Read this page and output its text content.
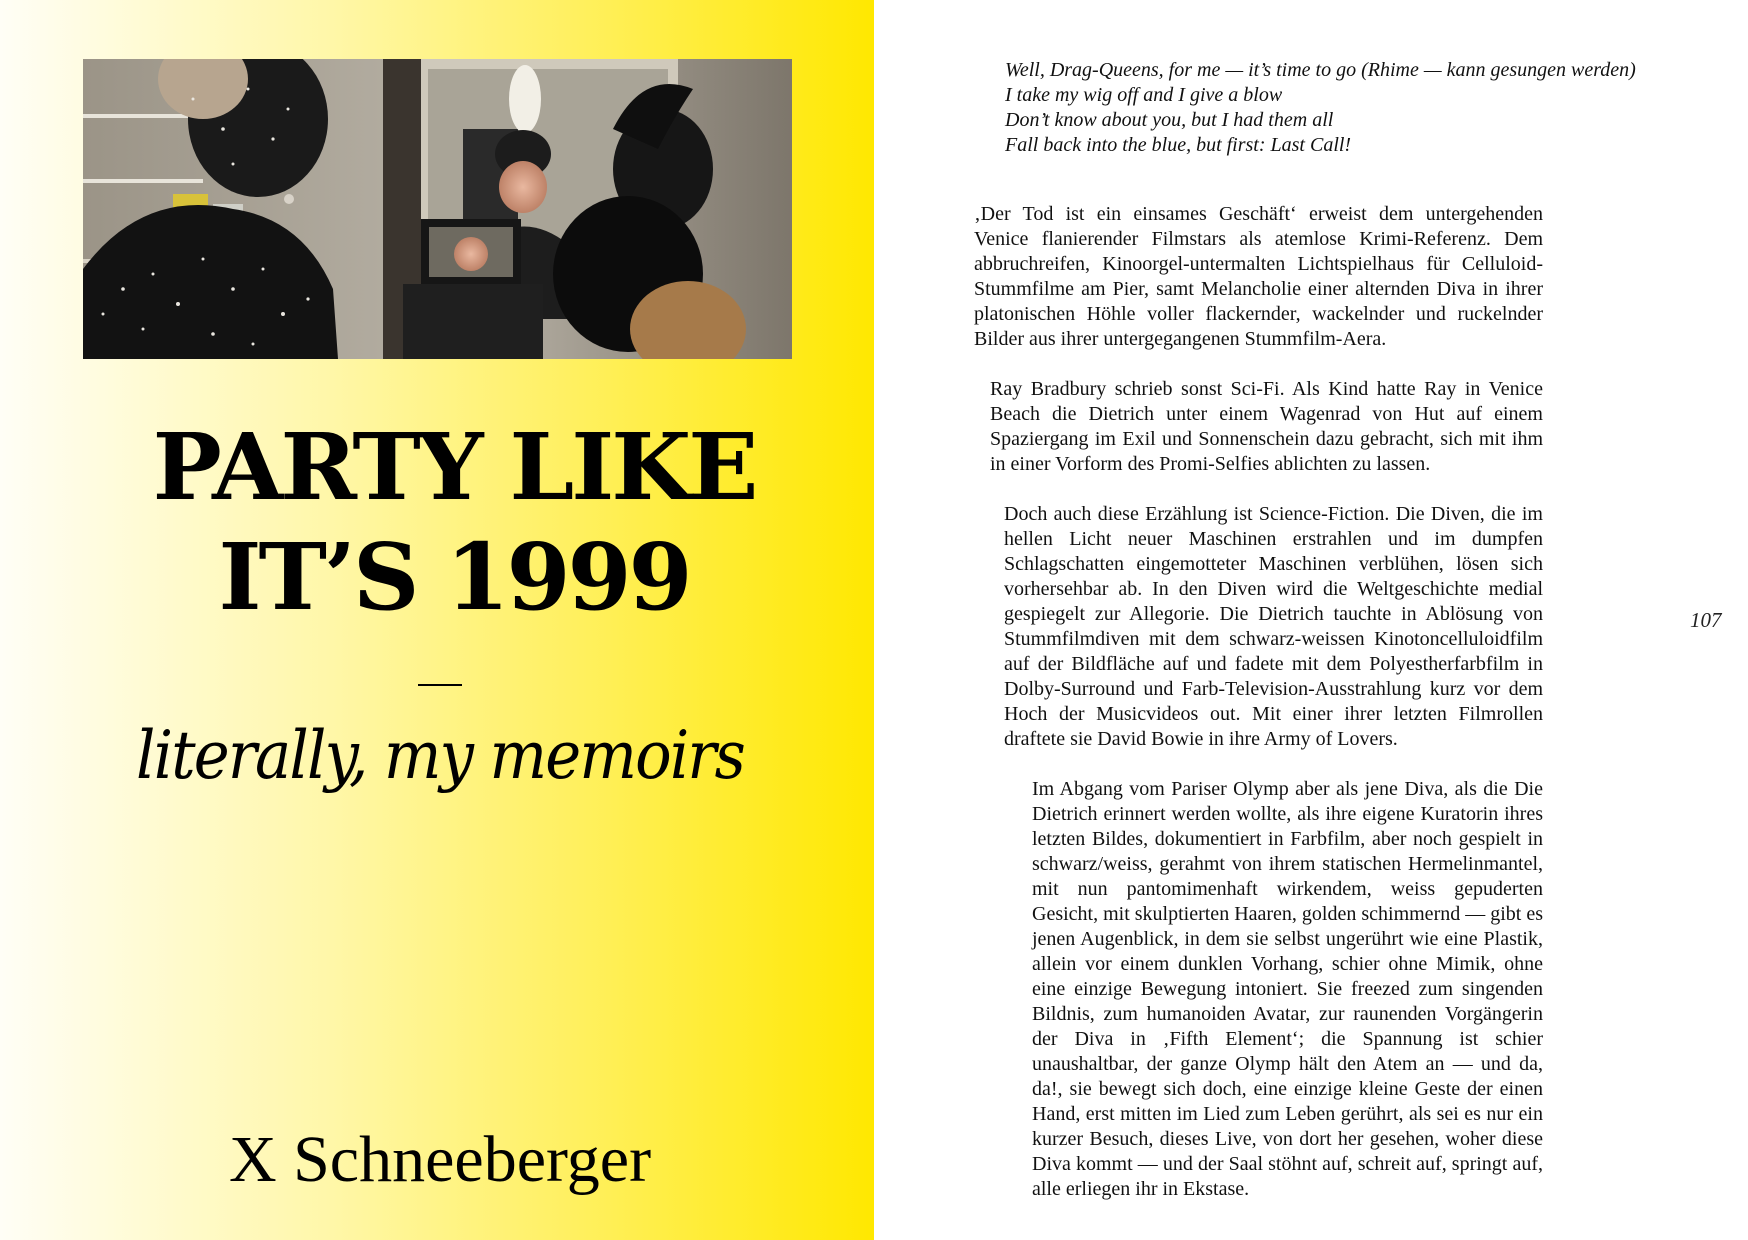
PARTY LIKE
IT’S 1999
literally, my memoirs
X Schneeberger
Well, Drag-Queens, for me — it’s time to go (Rhime — kann gesungen werden)
I take my wig off and I give a blow
Don’t know about you, but I had them all
Fall back into the blue, but first: Last Call!

‚Der Tod ist ein einsames Geschäft‘ erweist dem untergehenden Venice flanierender Filmstars als atemlose Krimi-Referenz. Dem abbruchreifen, Kinoorgel-untermalten Lichtspielhaus für Celluloid-Stummfilme am Pier, samt Melancholie einer alternden Diva in ihrer platonischen Höhle voller flackernder, wackelnder und ruckelnder Bilder aus ihrer untergegangenen Stummfilm-Aera.

Ray Bradbury schrieb sonst Sci-Fi. Als Kind hatte Ray in Venice Beach die Dietrich unter einem Wagenrad von Hut auf einem Spaziergang im Exil und Sonnenschein dazu gebracht, sich mit ihm in einer Vorform des Promi-Selfies ablichten zu lassen.

Doch auch diese Erzählung ist Science-Fiction. Die Diven, die im hellen Licht neuer Maschinen erstrahlen und im dumpfen Schlagschatten eingemotteter Maschinen verblühen, lösen sich vorhersehbar ab. In den Diven wird die Weltgeschichte medial gespiegelt zur Allegorie. Die Dietrich tauchte in Ablösung von Stummfilmdiven mit dem schwarz-weissen Kinotoncelluloidfilm auf der Bildfläche auf und fadete mit dem Polyestherfarbfilm in Dolby-Surround und Farb-Television-Ausstrahlung kurz vor dem Hoch der Musicvideos out. Mit einer ihrer letzten Filmrollen draftete sie David Bowie in ihre Army of Lovers.

Im Abgang vom Pariser Olymp aber als jene Diva, als die Die Dietrich erinnert werden wollte, als ihre eigene Kuratorin ihres letzten Bildes, dokumentiert in Farbfilm, aber noch gespielt in schwarz/weiss, gerahmt von ihrem statischen Hermelinmantel, mit nun pantomimenhaft wirkendem, weiss gepuderten Gesicht, mit skulptierten Haaren, golden schimmernd — gibt es jenen Augenblick, in dem sie selbst ungerührt wie eine Plastik, allein vor einem dunklen Vorhang, schier ohne Mimik, ohne eine einzige Bewegung intoniert. Sie freezed zum singenden Bildnis, zum humanoiden Avatar, zur raunenden Vorgängerin der Diva in ‚Fifth Element‘; die Spannung ist schier unaushaltbar, der ganze Olymp hält den Atem an — und da, da!, sie bewegt sich doch, eine einzige kleine Geste der einen Hand, erst mitten im Lied zum Leben gerührt, als sei es nur ein kurzer Besuch, dieses Live, von dort her gesehen, woher diese Diva kommt — und der Saal stöhnt auf, schreit auf, springt auf, alle erliegen ihr in Ekstase.

107
